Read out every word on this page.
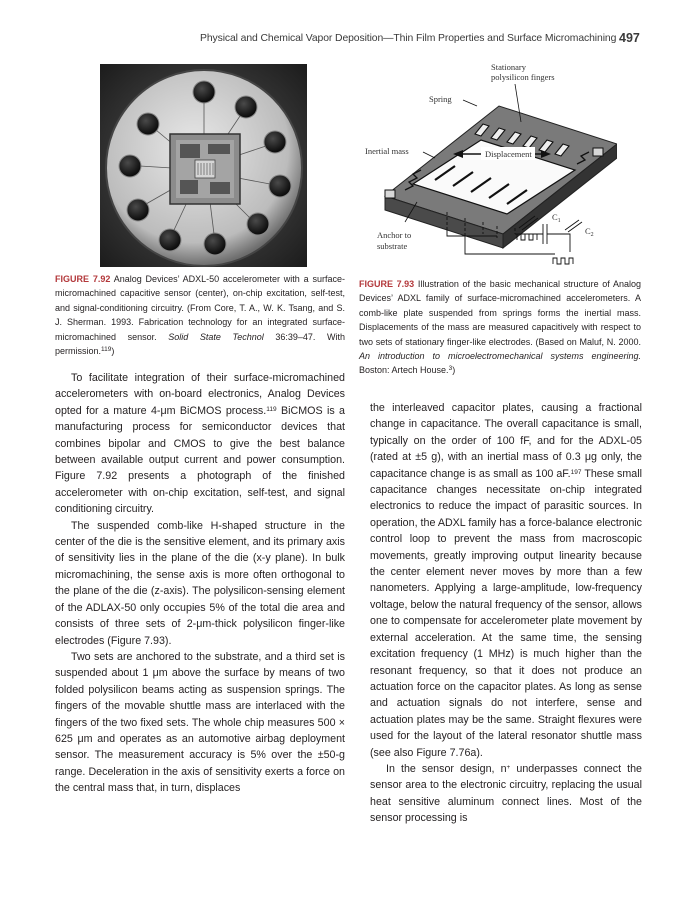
Physical and Chemical Vapor Deposition—Thin Film Properties and Surface Micromachining 497
Stationary
polysilicon fingers
Spring
Displacement
Inertial mass
Anchor to
substrate
$C_1$
$C_2$
FIGURE 7.92 Analog Devices’ ADXL-50 accelerometer with a surface-micromachined capacitive sensor (center), on-chip excitation, self-test, and signal-conditioning circuitry. (From Core, T. A., W. K. Tsang, and S. J. Sherman. 1993. Fabrication technology for an integrated surface-micromachined sensor. Solid State Technol 36:39–47. With permission.$^{119}$)
FIGURE 7.93 Illustration of the basic mechanical structure of Analog Devices’ ADXL family of surface-micromachined accelerometers. A comb-like plate suspended from springs forms the inertial mass. Displacements of the mass are measured capacitively with respect to two sets of stationary finger-like electrodes. (Based on Maluf, N. 2000. An introduction to microelectromechanical systems engineering. Boston: Artech House.$^3$)

To facilitate integration of their surface-micromachined accelerometers with on-board electronics, Analog Devices opted for a mature 4-μm BiCMOS process.$^{119}$ BiCMOS is a manufacturing process for semiconductor devices that combines bipolar and CMOS to give the best balance between available output current and power consumption. Figure 7.92 presents a photograph of the finished accelerometer with on-chip excitation, self-test, and signal conditioning circuitry.

The suspended comb-like H-shaped structure in the center of the die is the sensitive element, and its primary axis of sensitivity lies in the plane of the die (x-y plane). In bulk micromachining, the sense axis is more often orthogonal to the plane of the die (z-axis). The polysilicon-sensing element of the ADLAX-50 only occupies 5% of the total die area and consists of three sets of 2-μm-thick polysilicon finger-like electrodes (Figure 7.93).

Two sets are anchored to the substrate, and a third set is suspended about 1 μm above the surface by means of two folded polysilicon beams acting as suspension springs. The fingers of the movable shuttle mass are interlaced with the fingers of the two fixed sets. The whole chip measures 500 × 625 μm and operates as an automotive airbag deployment sensor. The measurement accuracy is 5% over the ±50-g range. Deceleration in the axis of sensitivity exerts a force on the central mass that, in turn, displaces

the interleaved capacitor plates, causing a fractional change in capacitance. The overall capacitance is small, typically on the order of 100 fF, and for the ADXL-05 (rated at ±5 g), with an inertial mass of 0.3 μg only, the capacitance change is as small as 100 aF.$^{197}$ These small capacitance changes necessitate on-chip integrated electronics to reduce the impact of parasitic sources. In operation, the ADXL family has a force-balance electronic control loop to prevent the mass from macroscopic movements, greatly improving output linearity because the center element never moves by more than a few nanometers. Applying a large-amplitude, low-frequency voltage, below the natural frequency of the sensor, allows one to compensate for accelerometer plate movement by external acceleration. At the same time, the sensing excitation frequency (1 MHz) is much higher than the resonant frequency, so that it does not produce an actuation force on the capacitor plates. As long as sense and actuation signals do not interfere, sense and actuation plates may be the same. Straight flexures were used for the layout of the lateral resonator shuttle mass (see also Figure 7.76a).

In the sensor design, n+ underpasses connect the sensor area to the electronic circuitry, replacing the usual heat sensitive aluminum connect lines. Most of the sensor processing is
